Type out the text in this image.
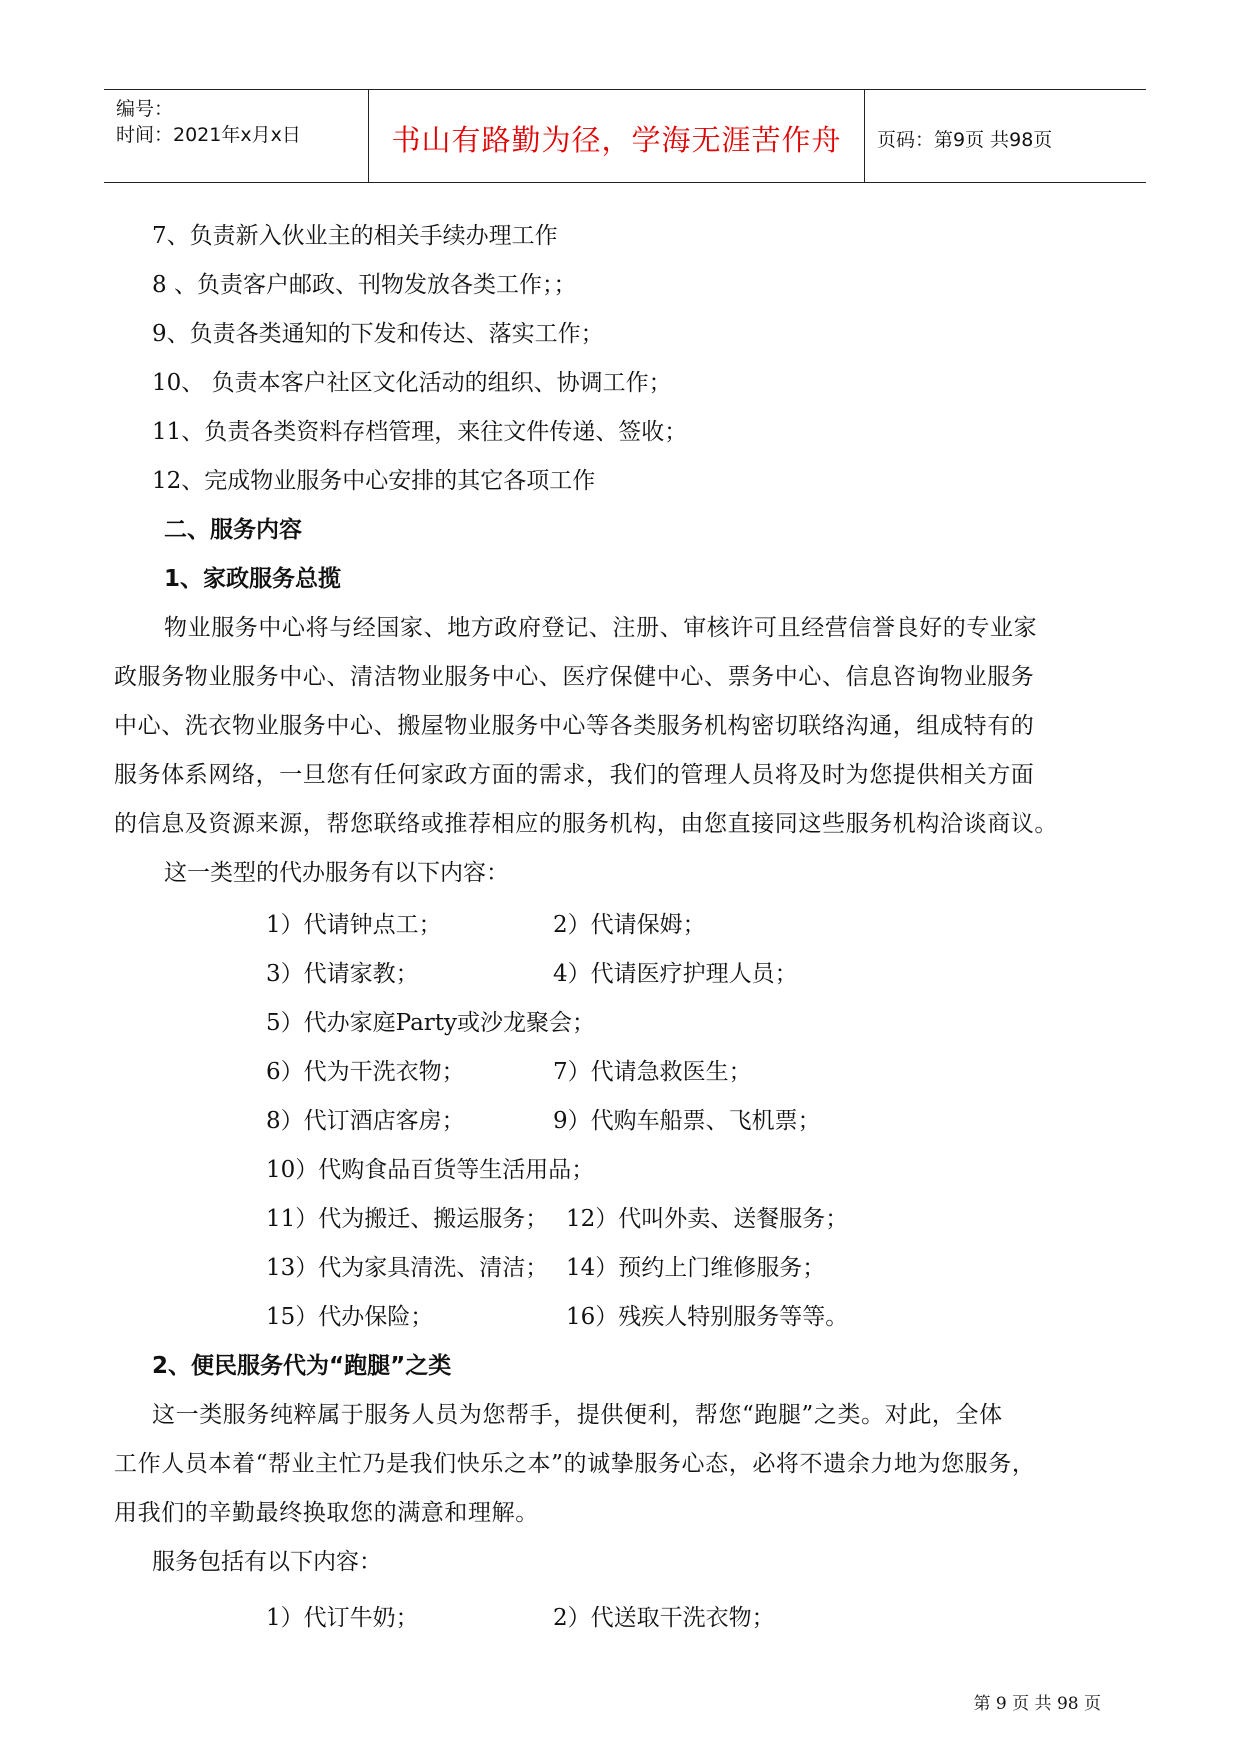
编号：
时间：2021年x月x日	书山有路勤为径，学海无涯苦作舟	页码：第9页 共98页
7、负责新入伙业主的相关手续办理工作
8 、负责客户邮政、刊物发放各类工作；；
9、负责各类通知的下发和传达、落实工作；
10、 负责本客户社区文化活动的组织、协调工作；
11、负责各类资料存档管理，来往文件传递、签收；
12、完成物业服务中心安排的其它各项工作
二、服务内容
1、家政服务总揽
物业服务中心将与经国家、地方政府登记、注册、审核许可且经营信誉良好的专业家
政服务物业服务中心、清洁物业服务中心、医疗保健中心、票务中心、信息咨询物业服务
中心、洗衣物业服务中心、搬屋物业服务中心等各类服务机构密切联络沟通，组成特有的
服务体系网络，一旦您有任何家政方面的需求，我们的管理人员将及时为您提供相关方面
的信息及资源来源，帮您联络或推荐相应的服务机构，由您直接同这些服务机构洽谈商议。
这一类型的代办服务有以下内容：
1）代请钟点工；	2）代请保姆；
3）代请家教；	4）代请医疗护理人员；
5）代办家庭Party或沙龙聚会；
6）代为干洗衣物；	7）代请急救医生；
8）代订酒店客房；	9）代购车船票、飞机票；
10）代购食品百货等生活用品；
11）代为搬迁、搬运服务； 12）代叫外卖、送餐服务；
13）代为家具清洗、清洁； 14）预约上门维修服务；
15）代办保险；	16）残疾人特别服务等等。
2、便民服务代为“跑腿”之类
这一类服务纯粹属于服务人员为您帮手，提供便利，帮您“跑腿”之类。对此，全体
工作人员本着“帮业主忙乃是我们快乐之本”的诚挚服务心态，必将不遗余力地为您服务，
用我们的辛勤最终换取您的满意和理解。
服务包括有以下内容：
1）代订牛奶；	2）代送取干洗衣物；
第 9 页 共 98 页
